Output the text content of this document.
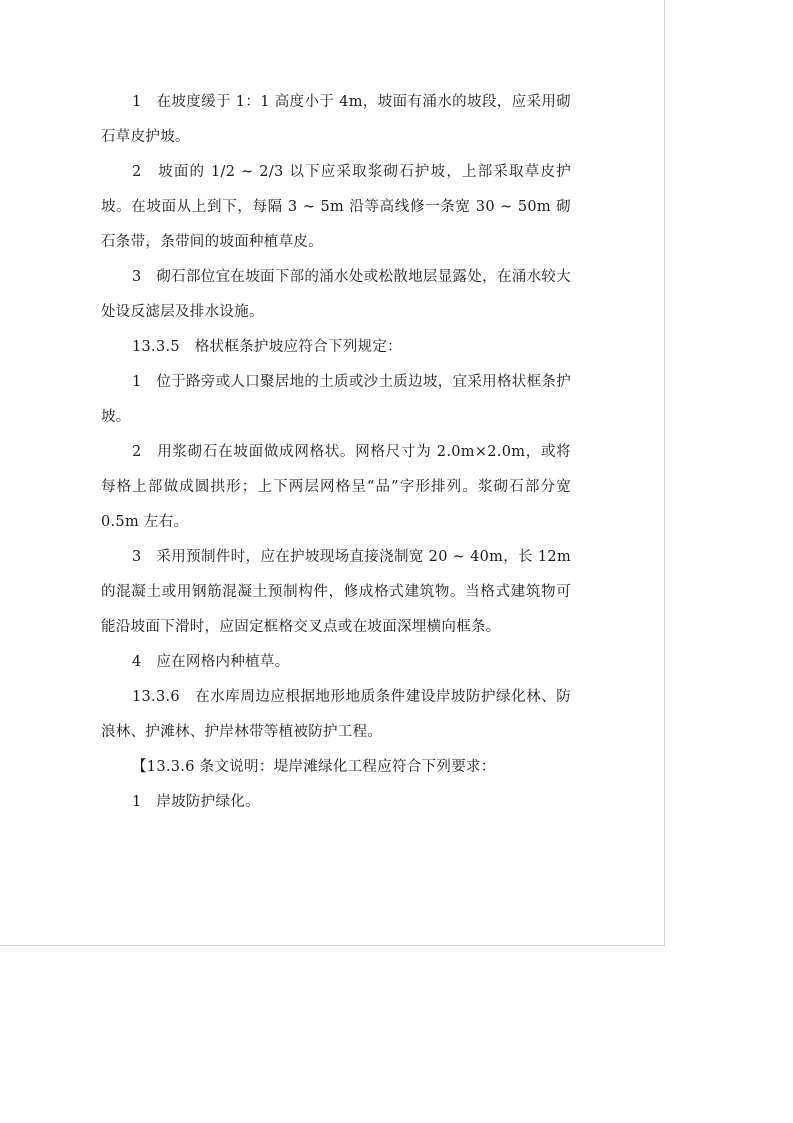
1　在坡度缓于 1：1 高度小于 4m，坡面有涌水的坡段，应采用砌石草皮护坡。

2　坡面的 1/2 ~ 2/3 以下应采取浆砌石护坡，上部采取草皮护坡。在坡面从上到下，每隔 3 ~ 5m 沿等高线修一条宽 30 ~ 50m 砌石条带，条带间的坡面种植草皮。

3　砌石部位宜在坡面下部的涌水处或松散地层显露处，在涌水较大处设反滤层及排水设施。

13.3.5　格状框条护坡应符合下列规定：

1　位于路旁或人口聚居地的土质或沙土质边坡，宜采用格状框条护坡。

2　用浆砌石在坡面做成网格状。网格尺寸为 2.0m×2.0m，或将每格上部做成圆拱形；上下两层网格呈“品”字形排列。浆砌石部分宽 0.5m 左右。

3　采用预制件时，应在护坡现场直接浇制宽 20 ~ 40m，长 12m 的混凝土或用钢筋混凝土预制构件，修成格式建筑物。当格式建筑物可能沿坡面下滑时，应固定框格交叉点或在坡面深埋横向框条。

4　应在网格内种植草。

13.3.6　在水库周边应根据地形地质条件建设岸坡防护绿化林、防浪林、护滩林、护岸林带等植被防护工程。

【13.3.6 条文说明：堤岸滩绿化工程应符合下列要求：

1　岸坡防护绿化。
